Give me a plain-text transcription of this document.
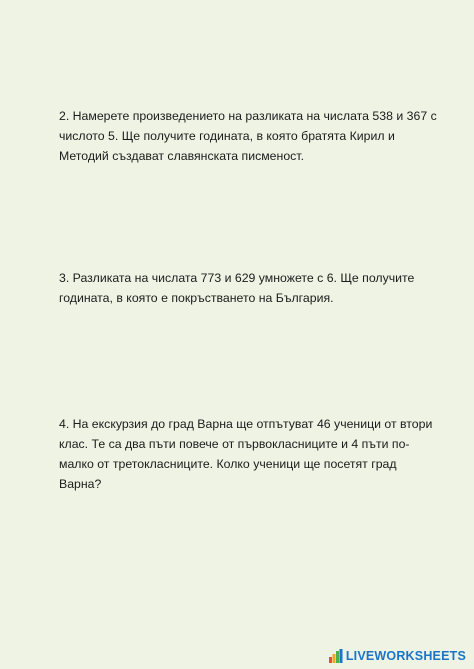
2. Намерете произведението на разликата на числата 538 и 367 с
числото 5. Ще получите годината, в която братята Кирил и
Методий създават славянската писменост.

3. Разликата на числата 773 и 629 умножете с 6. Ще получите
годината, в която е покръстването на България.

4. На екскурзия до град Варна ще отпътуват 46 ученици от втори
клас. Те са два пъти повече от първокласниците и 4 пъти по-
малко от третокласниците. Колко ученици ще посетят град
Варна?

LIVEWORKSHEETS
